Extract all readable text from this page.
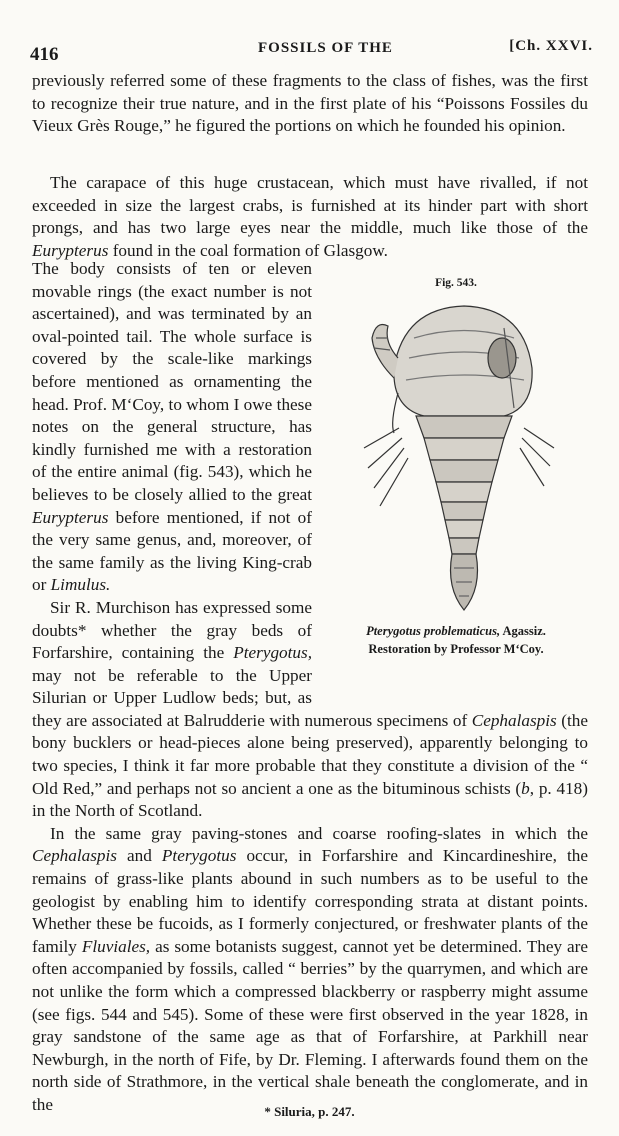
416	FOSSILS OF THE	[Ch. XXVI.

previously referred some of these fragments to the class of fishes, was the first to recognize their true nature, and in the first plate of his “Poissons Fossiles du Vieux Grès Rouge,” he figured the portions on which he founded his opinion.

The carapace of this huge crustacean, which must have rivalled, if not exceeded in size the largest crabs, is furnished at its hinder part with short prongs, and has two large eyes near the middle, much like those of the Eurypterus found in the coal formation of Glasgow.

Fig. 543.
Pterygotus problematicus, Agassiz.
Restoration by Professor M‘Coy.

The body consists of ten or eleven movable rings (the exact number is not ascertained), and was terminated by an oval-pointed tail. The whole surface is covered by the scale-like markings before mentioned as ornamenting the head. Prof. M‘Coy, to whom I owe these notes on the general structure, has kindly furnished me with a restoration of the entire animal (fig. 543), which he believes to be closely allied to the great Eurypterus before mentioned, if not of the very same genus, and, moreover, of the same family as the living King-crab or Limulus.

Sir R. Murchison has expressed some doubts* whether the gray beds of Forfarshire, containing the Pterygotus, may not be referable to the Upper Silurian or Upper Ludlow beds; but, as they are associated at Balrudderie with numerous specimens of Cephalaspis (the bony bucklers or head-pieces alone being preserved), apparently belonging to two species, I think it far more probable that they constitute a division of the “ Old Red,” and perhaps not so ancient a one as the bituminous schists (b, p. 418) in the North of Scotland.

In the same gray paving-stones and coarse roofing-slates in which the Cephalaspis and Pterygotus occur, in Forfarshire and Kincardineshire, the remains of grass-like plants abound in such numbers as to be useful to the geologist by enabling him to identify corresponding strata at distant points. Whether these be fucoids, as I formerly conjectured, or freshwater plants of the family Fluviales, as some botanists suggest, cannot yet be determined. They are often accompanied by fossils, called “ berries” by the quarrymen, and which are not unlike the form which a compressed blackberry or raspberry might assume (see figs. 544 and 545). Some of these were first observed in the year 1828, in gray sandstone of the same age as that of Forfarshire, at Parkhill near Newburgh, in the north of Fife, by Dr. Fleming. I afterwards found them on the north side of Strathmore, in the vertical shale beneath the conglomerate, and in the	* Siluria, p. 247.
